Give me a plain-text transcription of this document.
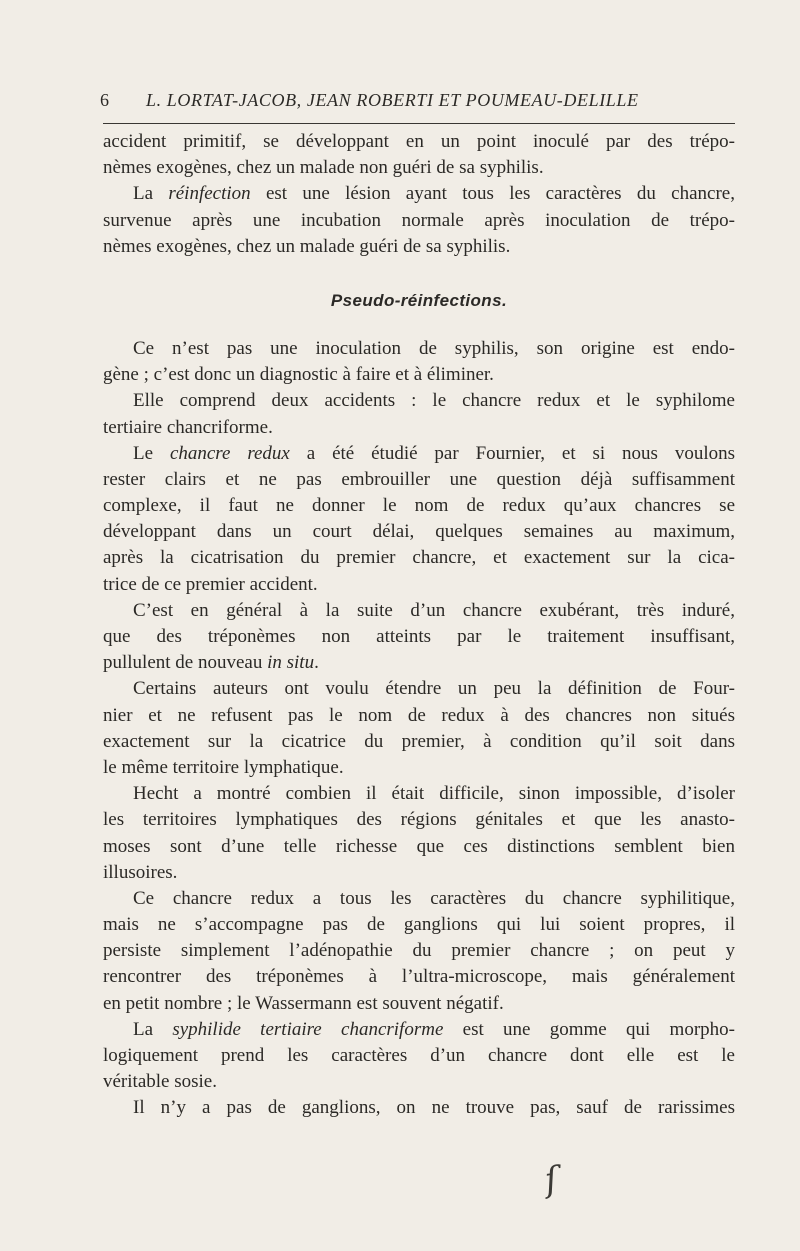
6 L. LORTAT-JACOB, JEAN ROBERTI ET POUMEAU-DELILLE
accident primitif, se développant en un point inoculé par des trépo-
nèmes exogènes, chez un malade non guéri de sa syphilis.
La réinfection est une lésion ayant tous les caractères du chancre,
survenue après une incubation normale après inoculation de trépo-
nèmes exogènes, chez un malade guéri de sa syphilis.
Pseudo-réinfections.
Ce n’est pas une inoculation de syphilis, son origine est endo-
gène ; c’est donc un diagnostic à faire et à éliminer.
Elle comprend deux accidents : le chancre redux et le syphilome
tertiaire chancriforme.
Le chancre redux a été étudié par Fournier, et si nous voulons
rester clairs et ne pas embrouiller une question déjà suffisamment
complexe, il faut ne donner le nom de redux qu’aux chancres se
développant dans un court délai, quelques semaines au maximum,
après la cicatrisation du premier chancre, et exactement sur la cica-
trice de ce premier accident.
C’est en général à la suite d’un chancre exubérant, très induré,
que des tréponèmes non atteints par le traitement insuffisant,
pullulent de nouveau in situ.
Certains auteurs ont voulu étendre un peu la définition de Four-
nier et ne refusent pas le nom de redux à des chancres non situés
exactement sur la cicatrice du premier, à condition qu’il soit dans
le même territoire lymphatique.
Hecht a montré combien il était difficile, sinon impossible, d’isoler
les territoires lymphatiques des régions génitales et que les anasto-
moses sont d’une telle richesse que ces distinctions semblent bien
illusoires.
Ce chancre redux a tous les caractères du chancre syphilitique,
mais ne s’accompagne pas de ganglions qui lui soient propres, il
persiste simplement l’adénopathie du premier chancre ; on peut y
rencontrer des tréponèmes à l’ultra-microscope, mais généralement
en petit nombre ; le Wassermann est souvent négatif.
La syphilide tertiaire chancriforme est une gomme qui morpho-
logiquement prend les caractères d’un chancre dont elle est le
véritable sosie.
Il n’y a pas de ganglions, on ne trouve pas, sauf de rarissimes
ſ
